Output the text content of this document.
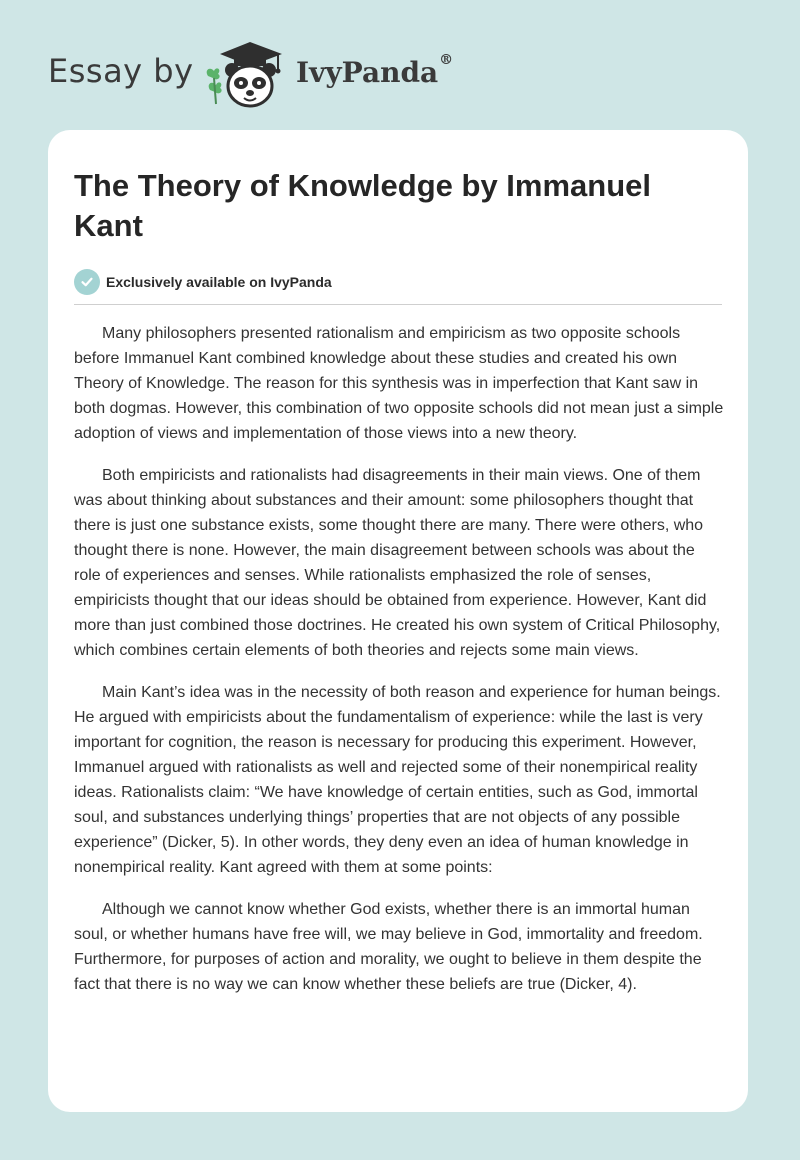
Essay by	IvyPanda®
The Theory of Knowledge by Immanuel Kant
Exclusively available on IvyPanda

Many philosophers presented rationalism and empiricism as two opposite schools before Immanuel Kant combined knowledge about these studies and created his own Theory of Knowledge. The reason for this synthesis was in imperfection that Kant saw in both dogmas. However, this combination of two opposite schools did not mean just a simple adoption of views and implementation of those views into a new theory.

Both empiricists and rationalists had disagreements in their main views. One of them was about thinking about substances and their amount: some philosophers thought that there is just one substance exists, some thought there are many. There were others, who thought there is none. However, the main disagreement between schools was about the role of experiences and senses. While rationalists emphasized the role of senses, empiricists thought that our ideas should be obtained from experience. However, Kant did more than just combined those doctrines. He created his own system of Critical Philosophy, which combines certain elements of both theories and rejects some main views.

Main Kant’s idea was in the necessity of both reason and experience for human beings. He argued with empiricists about the fundamentalism of experience: while the last is very important for cognition, the reason is necessary for producing this experiment. However, Immanuel argued with rationalists as well and rejected some of their nonempirical reality ideas. Rationalists claim: “We have knowledge of certain entities, such as God, immortal soul, and substances underlying things’ properties that are not objects of any possible experience” (Dicker, 5). In other words, they deny even an idea of human knowledge in nonempirical reality. Kant agreed with them at some points:

Although we cannot know whether God exists, whether there is an immortal human soul, or whether humans have free will, we may believe in God, immortality and freedom. Furthermore, for purposes of action and morality, we ought to believe in them despite the fact that there is no way we can know whether these beliefs are true (Dicker, 4).
